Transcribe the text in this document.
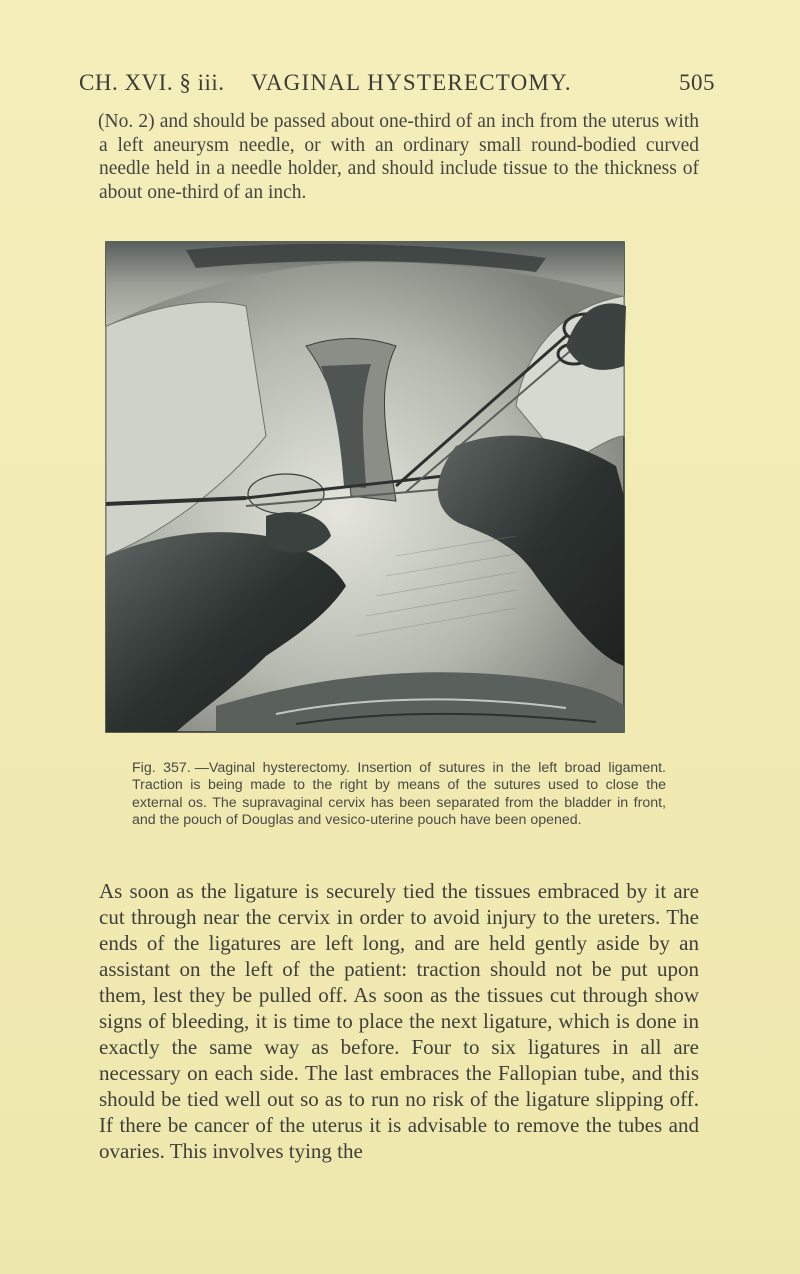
CH. XVI. § iii. VAGINAL HYSTERECTOMY.	505

(No. 2) and should be passed about one-third of an inch from the uterus with a left aneurysm needle, or with an ordinary small round-bodied curved needle held in a needle holder, and should include tissue to the thickness of about one-third of an inch.

Fig. 357. —Vaginal hysterectomy. Insertion of sutures in the left broad ligament. Traction is being made to the right by means of the sutures used to close the external os. The supravaginal cervix has been separated from the bladder in front, and the pouch of Douglas and vesico-uterine pouch have been opened.

As soon as the ligature is securely tied the tissues embraced by it are cut through near the cervix in order to avoid injury to the ureters. The ends of the ligatures are left long, and are held gently aside by an assistant on the left of the patient: traction should not be put upon them, lest they be pulled off. As soon as the tissues cut through show signs of bleeding, it is time to place the next ligature, which is done in exactly the same way as before. Four to six ligatures in all are necessary on each side. The last embraces the Fallopian tube, and this should be tied well out so as to run no risk of the ligature slipping off. If there be cancer of the uterus it is advisable to remove the tubes and ovaries. This involves tying the
